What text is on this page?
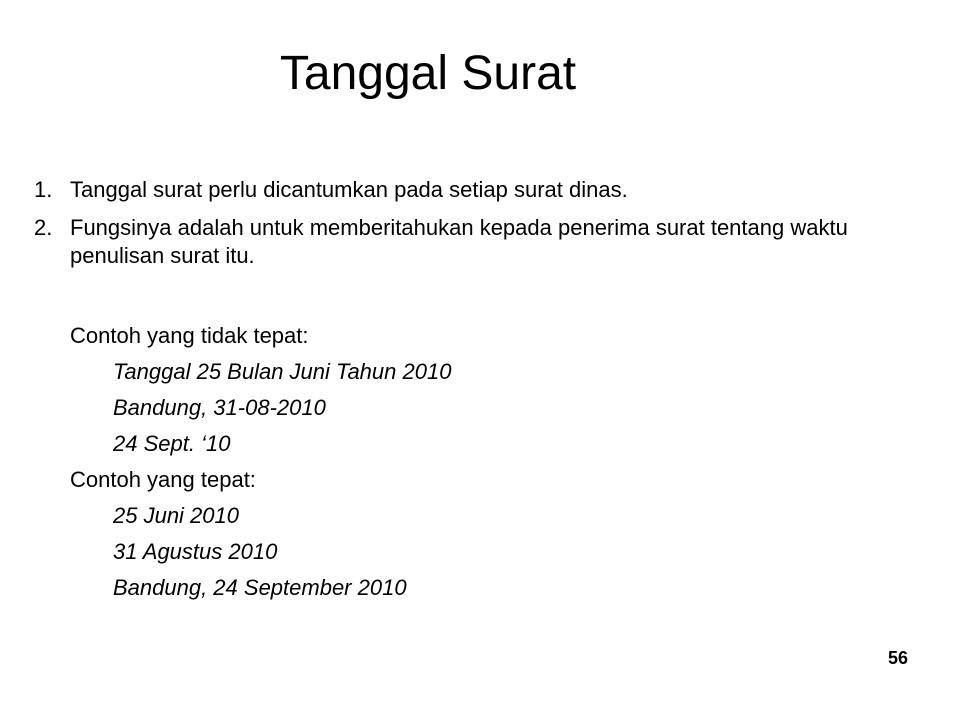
Tanggal Surat
1. Tanggal surat perlu dicantumkan pada setiap surat dinas.
2. Fungsinya adalah untuk memberitahukan kepada penerima surat tentang waktu penulisan surat itu.

Contoh yang tidak tepat:

Tanggal 25 Bulan Juni Tahun 2010

Bandung, 31-08-2010

24 Sept. ‘10

Contoh yang tepat:

25 Juni 2010

31 Agustus 2010

Bandung, 24 September 2010

56
